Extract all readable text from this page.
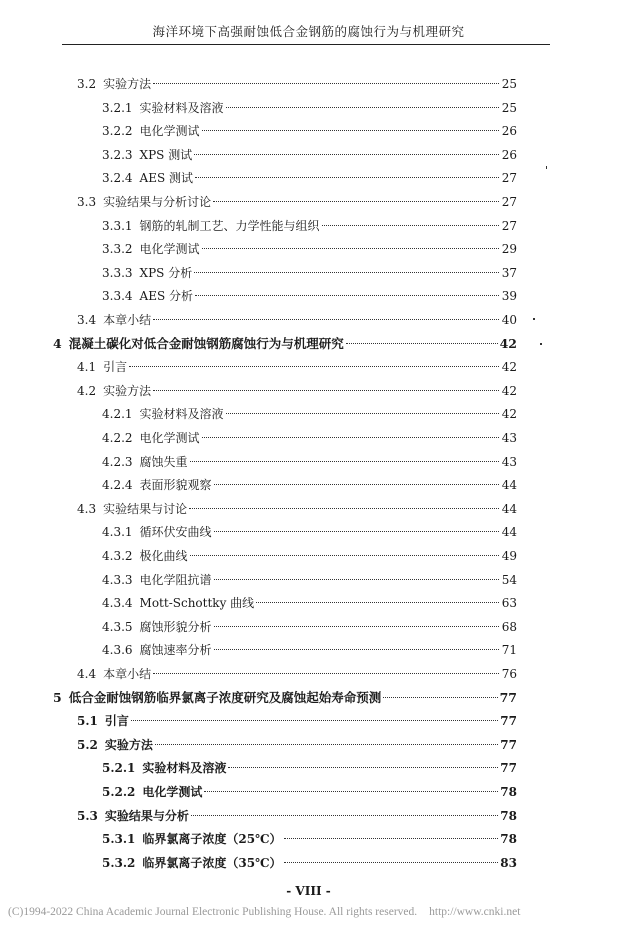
海洋环境下高强耐蚀低合金钢筋的腐蚀行为与机理研究
3.2 实验方法	25
3.2.1 实验材料及溶液	25
3.2.2 电化学测试	26
3.2.3 XPS 测试	26
3.2.4 AES 测试	27
3.3 实验结果与分析讨论	27
3.3.1 钢筋的轧制工艺、力学性能与组织	27
3.3.2 电化学测试	29
3.3.3 XPS 分析	37
3.3.4 AES 分析	39
3.4 本章小结	40
4 混凝土碳化对低合金耐蚀钢筋腐蚀行为与机理研究	42
4.1 引言	42
4.2 实验方法	42
4.2.1 实验材料及溶液	42
4.2.2 电化学测试	43
4.2.3 腐蚀失重	43
4.2.4 表面形貌观察	44
4.3 实验结果与讨论	44
4.3.1 循环伏安曲线	44
4.3.2 极化曲线	49
4.3.3 电化学阻抗谱	54
4.3.4 Mott-Schottky 曲线	63
4.3.5 腐蚀形貌分析	68
4.3.6 腐蚀速率分析	71
4.4 本章小结	76
5 低合金耐蚀钢筋临界氯离子浓度研究及腐蚀起始寿命预测	77
5.1 引言	77
5.2 实验方法	77
5.2.1 实验材料及溶液	77
5.2.2 电化学测试	78
5.3 实验结果与分析	78
5.3.1 临界氯离子浓度（25℃）	78
5.3.2 临界氯离子浓度（35℃）	83
- VIII -
(C)1994-2022 China Academic Journal Electronic Publishing House. All rights reserved. http://www.cnki.net
